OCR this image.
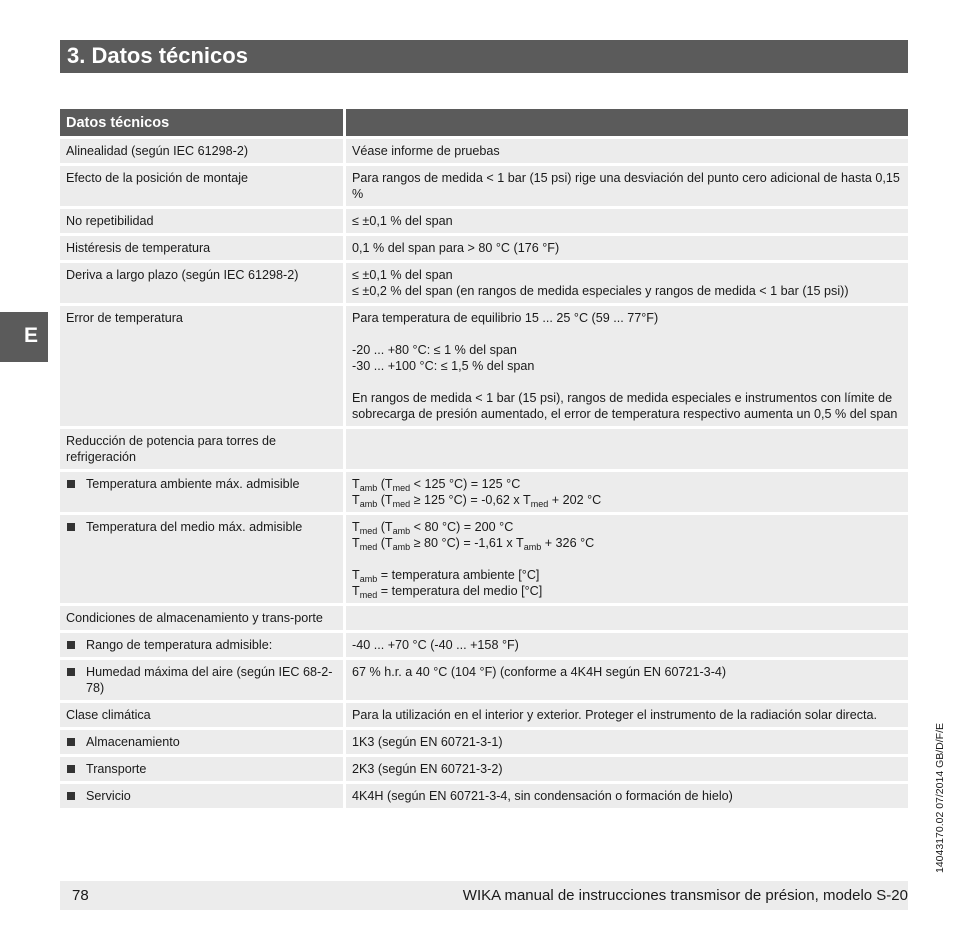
3. Datos técnicos
E
Datos técnicos	
Alinealidad (según IEC 61298-2)	Véase informe de pruebas
Efecto de la posición de montaje	Para rangos de medida < 1 bar (15 psi) rige una desviación del punto cero adicional de hasta 0,15 %
No repetibilidad	≤ ±0,1 % del span
Histéresis de temperatura	0,1 % del span para > 80 °C (176 °F)
Deriva a largo plazo (según IEC 61298-2)	≤ ±0,1 % del span
≤ ±0,2 % del span (en rangos de medida especiales y rangos de medida < 1 bar (15 psi))

Error de temperatura	Para temperatura de equilibrio 15 ... 25 °C (59 ... 77°F)
-20 ... +80 °C: ≤ 1 % del span
-30 ... +100 °C: ≤ 1,5 % del span
En rangos de medida < 1 bar (15 psi), rangos de medida especiales e instrumentos con límite de sobrecarga de presión aumentado, el error de temperatura respectivo aumenta un 0,5 % del span

Reducción de potencia para torres de refrigeración	

Temperatura ambiente máx. admisible	$T_{amb}$ ($T_{med} < 125$ °C) = 125 °C
$T_{amb}$ ($T_{med} \ge 125$ °C) = -0,62 x $T_{med} + 202$ °C

Temperatura del medio máx. admisible	$T_{med}$ ($T_{amb} < 80$ °C) = 200 °C
$T_{med}$ ($T_{amb} \ge 80$ °C) = -1,61 x $T_{amb} + 326$ °C
$T_{amb}$ = temperatura ambiente [°C]
$T_{med}$ = temperatura del medio [°C]

Condiciones de almacenamiento y trans-porte	

Rango de temperatura admisible:	-40 ... +70 °C (-40 ... +158 °F)

Humedad máxima del aire (según IEC 68-2-78)	67 % h.r. a 40 °C (104 °F) (conforme a 4K4H según EN 60721-3-4)
Clase climática	Para la utilización en el interior y exterior. Proteger el instrumento de la radiación solar directa.

Almacenamiento	1K3 (según EN 60721-3-1)

Transporte	2K3 (según EN 60721-3-2)

Servicio	4K4H (según EN 60721-3-4, sin condensación o formación de hielo)
78	WIKA manual de instrucciones transmisor de présion, modelo S-20
14043170.02 07/2014 GB/D/F/E
